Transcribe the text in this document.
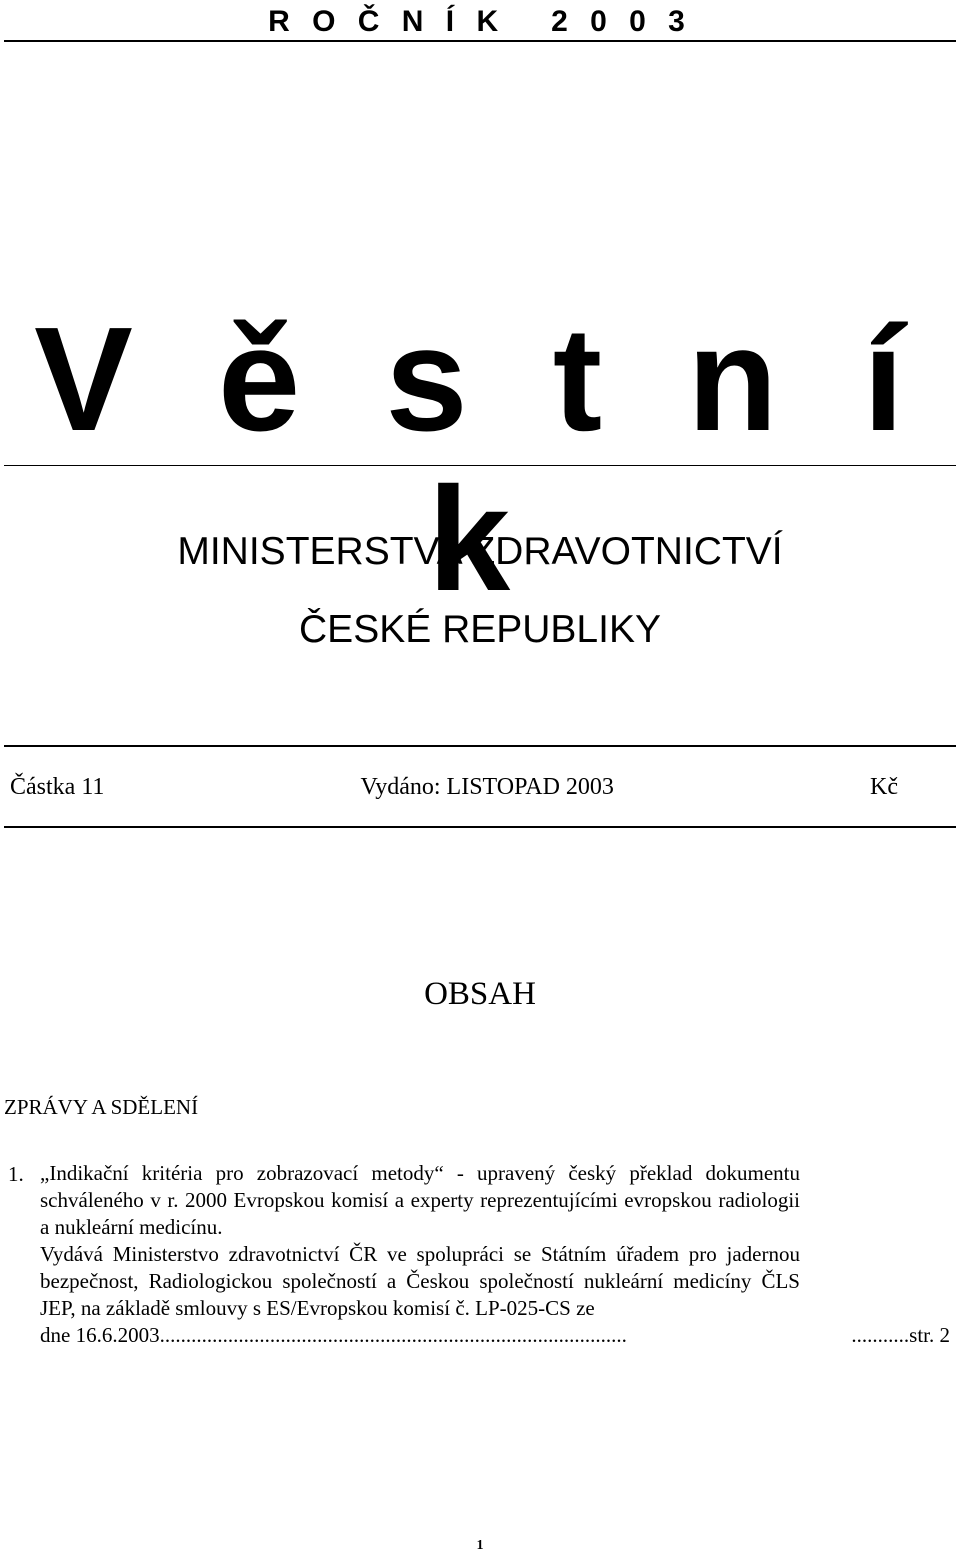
R O Č N Í K   2 0 0 3
V ě s t n í k
MINISTERSTVA ZDRAVOTNICTVÍ
ČESKÉ REPUBLIKY
Částka 11	Vydáno: LISTOPAD 2003	Kč
OBSAH
ZPRÁVY A SDĚLENÍ
1. „Indikační kritéria pro zobrazovací metody“ - upravený český překlad dokumentu schváleného v r. 2000 Evropskou komisí a experty reprezentujícími evropskou radiologii a nukleární medicínu.

Vydává Ministerstvo zdravotnictví ČR ve spolupráci se Státním úřadem pro jadernou bezpečnost, Radiologickou společností a Českou společností nukleární medicíny ČLS JEP, na základě smlouvy s ES/Evropskou komisí č. LP-025-CS ze

dne 16.6.2003.........................................................................................	...........str. 2
1
